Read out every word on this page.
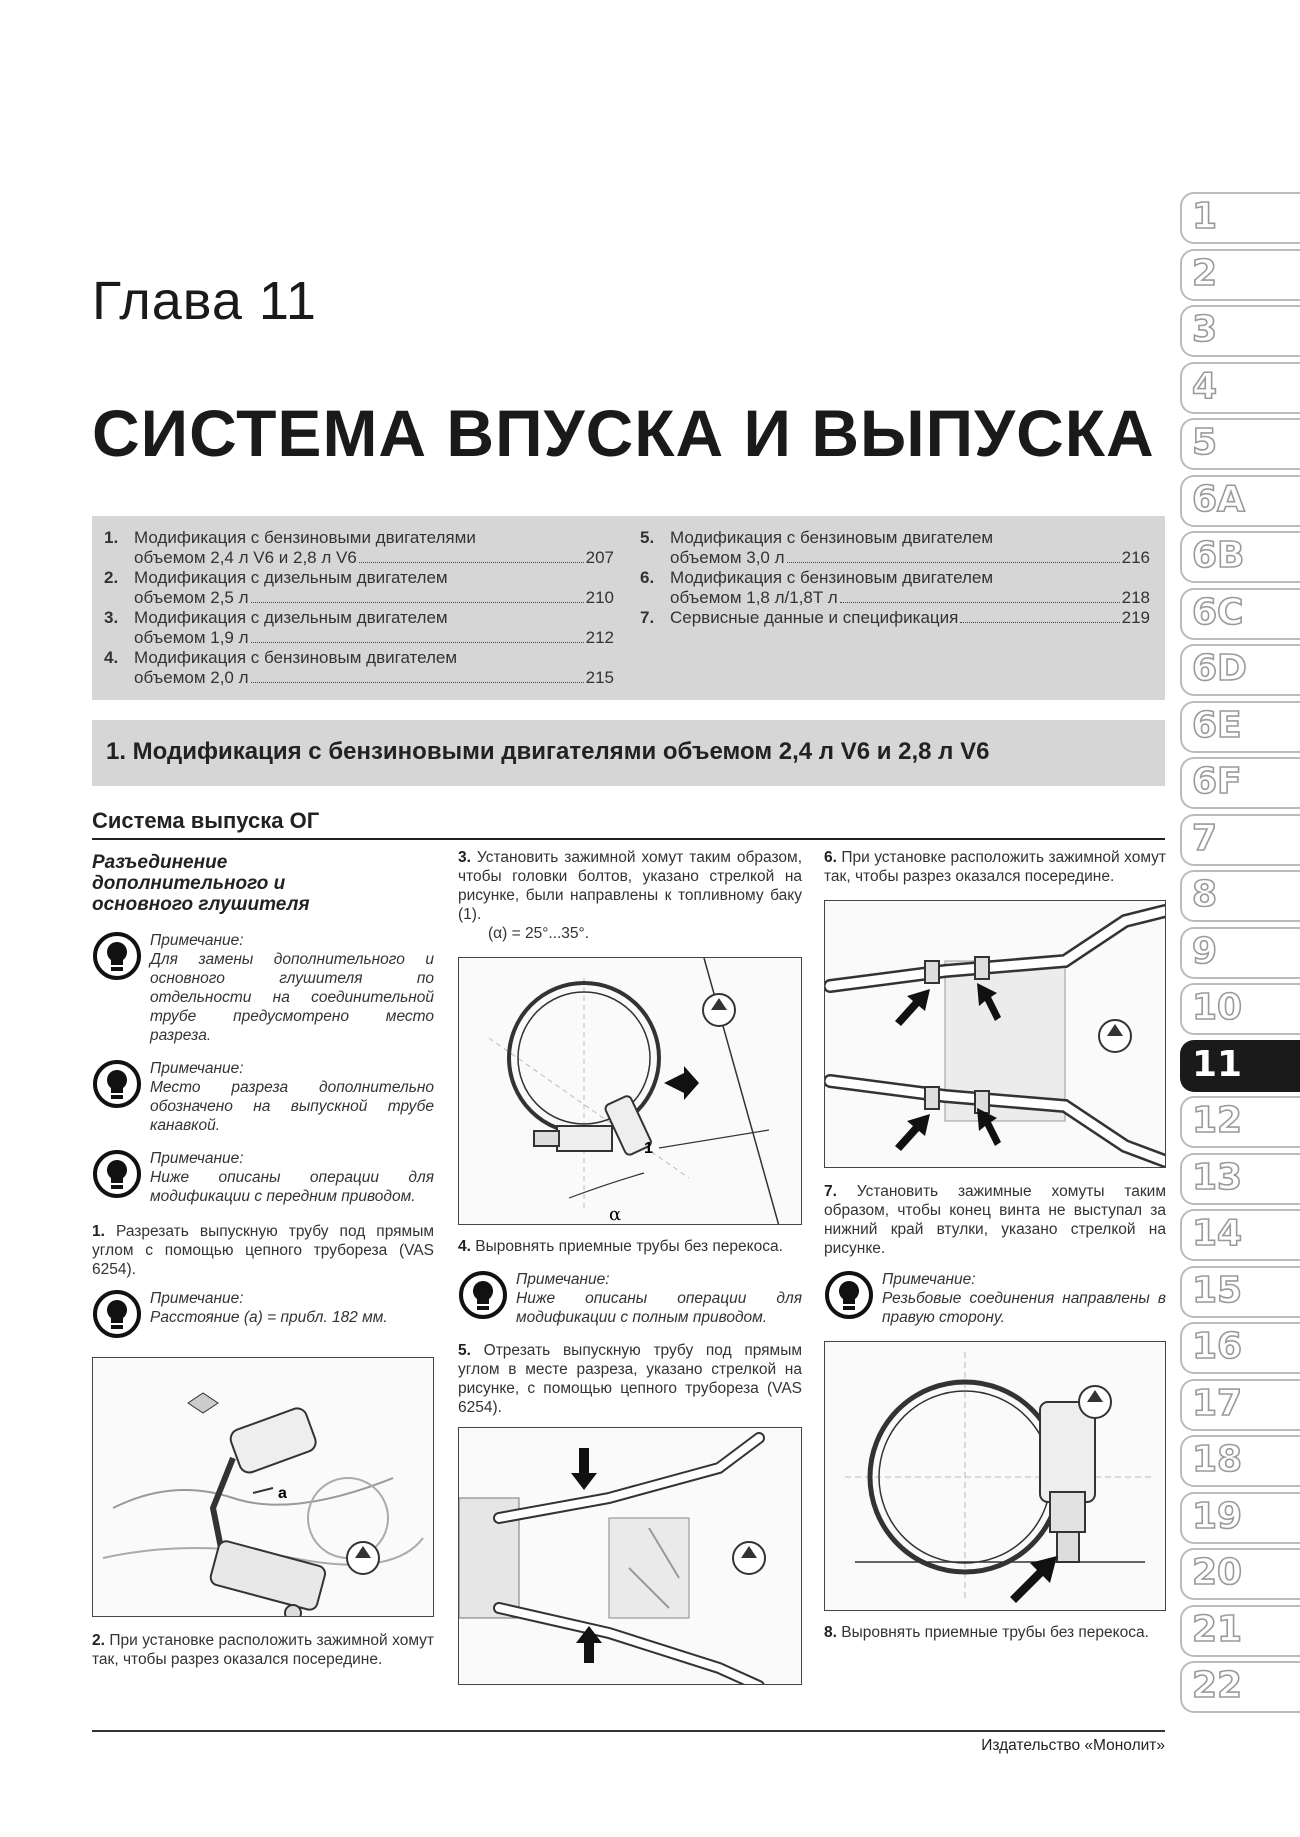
Глава 11
СИСТЕМА ВПУСКА И ВЫПУСКА
1. Модификация с бензиновыми двигателями
объемом 2,4 л V6 и 2,8 л V6	207
2. Модификация с дизельным двигателем
объемом 2,5 л	210
3. Модификация с дизельным двигателем
объемом 1,9 л	212
4. Модификация с бензиновым двигателем
объемом 2,0 л	215
5. Модификация с бензиновым двигателем
объемом 3,0 л	216
6. Модификация с бензиновым двигателем
объемом 1,8 л/1,8T л	218
7. Сервисные данные и спецификация	219
1. Модификация с бензиновыми двигателями объемом 2,4 л V6 и 2,8 л V6
Система выпуска ОГ
Разъединение дополнительного и основного глушителя
Примечание:
Для замены дополнительного и основного глушителя по отдельности на соединительной трубе предусмотрено место разреза.
Примечание:
Место разреза дополнительно обозначено на выпускной трубе канавкой.
Примечание:
Ниже описаны операции для модификации с передним приводом.
1. Разрезать выпускную трубу под прямым углом с помощью цепного труборезa (VAS 6254).
Примечание:
Расстояние (a) = прибл. 182 мм.
a
2. При установке расположить зажимной хомут так, чтобы разрез оказался посередине.
3. Установить зажимной хомут таким образом, чтобы головки болтов, указано стрелкой на рисунке, были направлены к топливному баку (1).
(α) = 25°...35°.
1
α
4. Выровнять приемные трубы без перекоса.
Примечание:
Ниже описаны операции для модификации с полным приводом.
5. Отрезать выпускную трубу под прямым углом в месте разреза, указано стрелкой на рисунке, с помощью цепного труборезa (VAS 6254).
6. При установке расположить зажимной хомут так, чтобы разрез оказался посередине.
7. Установить зажимные хомуты таким образом, чтобы конец винта не выступал за нижний край втулки, указано стрелкой на рисунке.
Примечание:
Резьбовые соединения направлены в правую сторону.
8. Выровнять приемные трубы без перекоса.
1
2
3
4
5
6A
6B
6C
6D
6E
6F
7
8
9
10
11
12
13
14
15
16
17
18
19
20
21
22
Издательство «Монолит»
